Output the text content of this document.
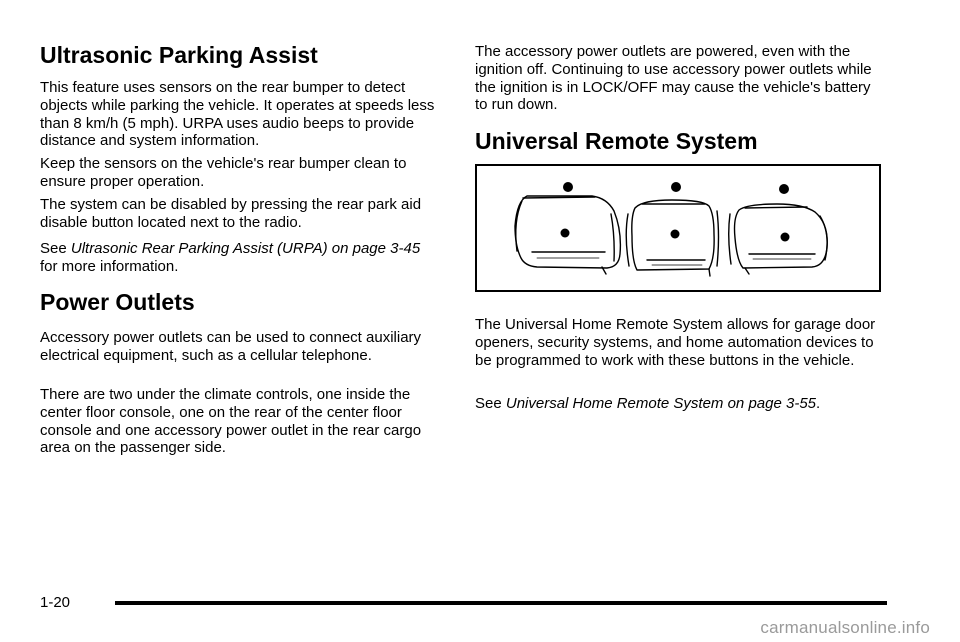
Ultrasonic Parking Assist

This feature uses sensors on the rear bumper to detect objects while parking the vehicle. It operates at speeds less than 8 km/h (5 mph). URPA uses audio beeps to provide distance and system information.

Keep the sensors on the vehicle's rear bumper clean to ensure proper operation.

The system can be disabled by pressing the rear park aid disable button located next to the radio.

See Ultrasonic Rear Parking Assist (URPA) on page 3-45 for more information.

Power Outlets

Accessory power outlets can be used to connect auxiliary electrical equipment, such as a cellular telephone.

There are two under the climate controls, one inside the center floor console, one on the rear of the center floor console and one accessory power outlet in the rear cargo area on the passenger side.

The accessory power outlets are powered, even with the ignition off. Continuing to use accessory power outlets while the ignition is in LOCK/OFF may cause the vehicle's battery to run down.

Universal Remote System

The Universal Home Remote System allows for garage door openers, security systems, and home automation devices to be programmed to work with these buttons in the vehicle.

See Universal Home Remote System on page 3-55.

1-20
carmanualsonline.info
